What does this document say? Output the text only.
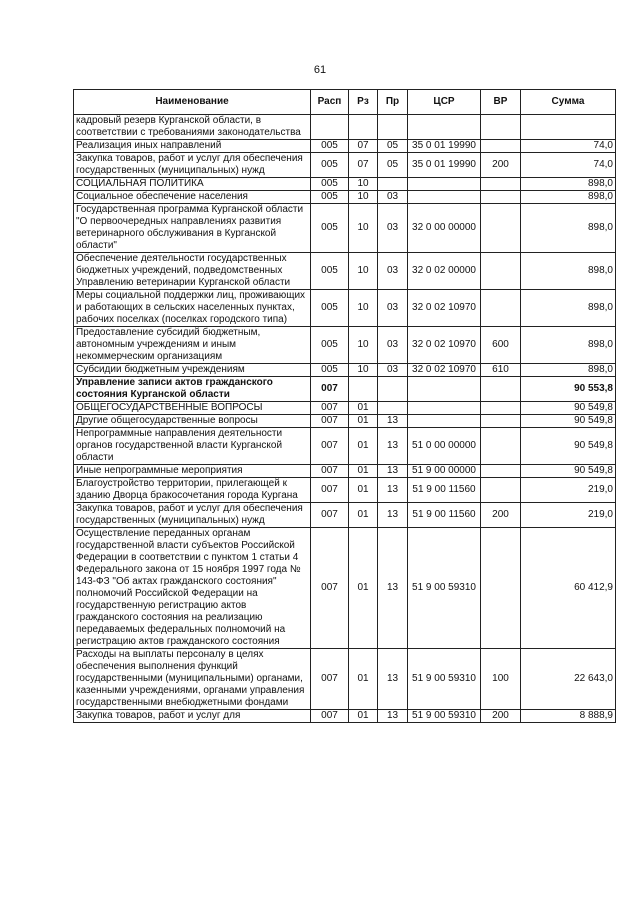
61
Наименование	Расп	Рз	Пр	ЦСР	ВР	Сумма
кадровый резерв Курганской области, в соответствии с требованиями законодательства						
Реализация иных направлений	005	07	05	35 0 01 19990		74,0
Закупка товаров, работ и услуг для обеспечения государственных (муниципальных) нужд	005	07	05	35 0 01 19990	200	74,0
СОЦИАЛЬНАЯ ПОЛИТИКА	005	10				898,0
Социальное обеспечение населения	005	10	03			898,0
Государственная программа Курганской области "О первоочередных направлениях развития ветеринарного обслуживания в Курганской области"	005	10	03	32 0 00 00000		898,0
Обеспечение деятельности государственных бюджетных учреждений, подведомственных Управлению ветеринарии Курганской области	005	10	03	32 0 02 00000		898,0
Меры социальной поддержки лиц, проживающих и работающих в сельских населенных пунктах, рабочих поселках (поселках городского типа)	005	10	03	32 0 02 10970		898,0
Предоставление субсидий бюджетным, автономным учреждениям и иным некоммерческим организациям	005	10	03	32 0 02 10970	600	898,0
Субсидии бюджетным учреждениям	005	10	03	32 0 02 10970	610	898,0
Управление записи актов гражданского состояния Курганской области	007					90 553,8
ОБЩЕГОСУДАРСТВЕННЫЕ ВОПРОСЫ	007	01				90 549,8
Другие общегосударственные вопросы	007	01	13			90 549,8
Непрограммные направления деятельности органов государственной власти Курганской области	007	01	13	51 0 00 00000		90 549,8
Иные непрограммные мероприятия	007	01	13	51 9 00 00000		90 549,8
Благоустройство территории, прилегающей к зданию Дворца бракосочетания города Кургана	007	01	13	51 9 00 11560		219,0
Закупка товаров, работ и услуг для обеспечения государственных (муниципальных) нужд	007	01	13	51 9 00 11560	200	219,0
Осуществление переданных органам государственной власти субъектов Российской Федерации в соответствии с пунктом 1 статьи 4 Федерального закона от 15 ноября 1997 года № 143-ФЗ "Об актах гражданского состояния" полномочий Российской Федерации на государственную регистрацию актов гражданского состояния на реализацию передаваемых федеральных полномочий на регистрацию актов гражданского состояния	007	01	13	51 9 00 59310		60 412,9
Расходы на выплаты персоналу в целях обеспечения выполнения функций государственными (муниципальными) органами, казенными учреждениями, органами управления государственными внебюджетными фондами	007	01	13	51 9 00 59310	100	22 643,0
Закупка товаров, работ и услуг для	007	01	13	51 9 00 59310	200	8 888,9
